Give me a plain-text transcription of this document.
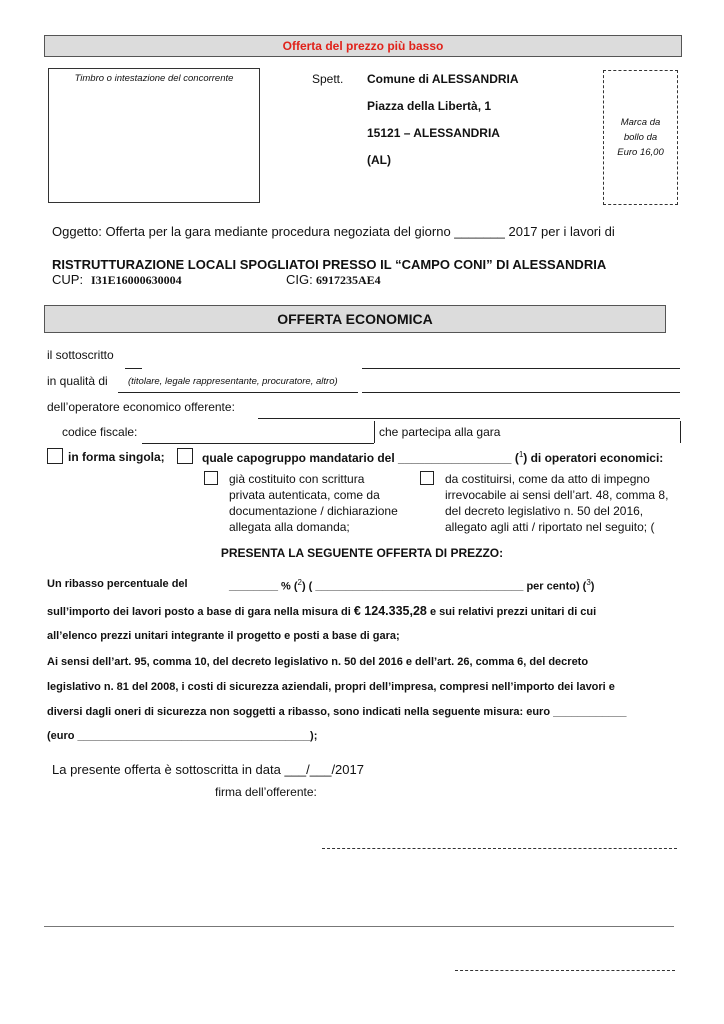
Offerta del prezzo più basso
Timbro o intestazione del concorrente	Spett. Comune di ALESSANDRIA
Piazza della Libertà, 1
15121 – ALESSANDRIA
(AL)
Marca da
bollo da
Euro 16,00
Oggetto: Offerta per la gara mediante procedura negoziata del giorno _______ 2017 per i lavori di
RISTRUTTURAZIONE LOCALI SPOGLIATOI PRESSO IL “CAMPO CONI” DI ALESSANDRIA
CUP: I31E16000630004	CIG: 6917235AE4
OFFERTA ECONOMICA
il sottoscritto
in qualità di (titolare, legale rappresentante, procuratore, altro)
dell’operatore economico offerente:
codice fiscale:	che partecipa alla gara
in forma singola;	quale capogruppo mandatario del _________________ ($^1$) di operatori economici:
già costituito con scrittura
privata autenticata, come da
documentazione / dichiarazione
allegata alla domanda;
da costituirsi, come da atto di impegno
irrevocabile ai sensi dell’art. 48, comma 8,
del decreto legislativo n. 50 del 2016,
allegato agli atti / riportato nel seguito; (
PRESENTA LA SEGUENTE OFFERTA DI PREZZO:
Un ribasso percentuale del	________ % ($^2$) ( __________________________________ per cento) ($^3$)
sull’importo dei lavori posto a base di gara nella misura di € 124.335,28 e sui relativi prezzi unitari di cui
all’elenco prezzi unitari integrante il progetto e posti a base di gara;
Ai sensi dell’art. 95, comma 10, del decreto legislativo n. 50 del 2016 e dell’art. 26, comma 6, del decreto
legislativo n. 81 del 2008, i costi di sicurezza aziendali, propri dell’impresa, compresi nell’importo dei lavori e
diversi dagli oneri di sicurezza non soggetti a ribasso, sono indicati nella seguente misura: euro ____________
(euro ______________________________________);
La presente offerta è sottoscritta in data ___/___/2017
firma dell’offerente:
